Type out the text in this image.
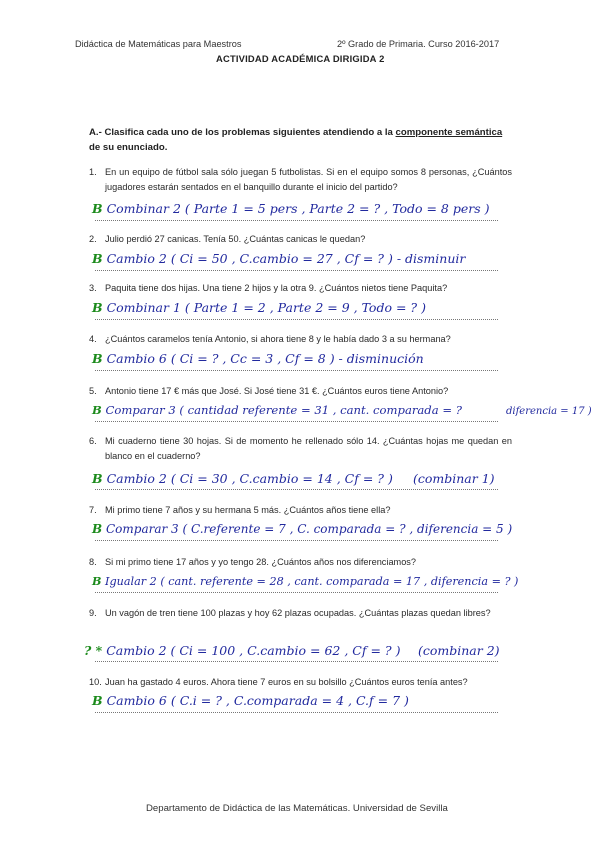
Didáctica de Matemáticas para Maestros	2º Grado de Primaria. Curso 2016-2017
ACTIVIDAD ACADÉMICA DIRIGIDA 2
A.- Clasifica cada uno de los problemas siguientes atendiendo a la componente semántica de su enunciado.
1. En un equipo de fútbol sala sólo juegan 5 futbolistas. Si en el equipo somos 8 personas, ¿Cuántos jugadores estarán sentados en el banquillo durante el inicio del partido?
B Combinar 2 ( Parte 1 = 5 pers , Parte 2 = ? , Todo = 8 pers )
2. Julio perdió 27 canicas. Tenía 50. ¿Cuántas canicas le quedan?
B Cambio 2 ( Ci = 50 , C.cambio = 27 , Cf = ? ) - disminuir
3. Paquita tiene dos hijas. Una tiene 2 hijos y la otra 9. ¿Cuántos nietos tiene Paquita?
B Combinar 1 ( Parte 1 = 2 , Parte 2 = 9 , Todo = ? )
4. ¿Cuántos caramelos tenía Antonio, si ahora tiene 8 y le había dado 3 a su hermana?
B Cambio 6 ( Ci = ? , Cc = 3 , Cf = 8 ) - disminución
5. Antonio tiene 17 € más que José. Si José tiene 31 €. ¿Cuántos euros tiene Antonio?
B Comparar 3 ( cantidad referente = 31 , cant. comparada = ?	diferencia = 17 )
6. Mi cuaderno tiene 30 hojas. Si de momento he rellenado sólo 14. ¿Cuántas hojas me quedan en blanco en el cuaderno?
B Cambio 2 ( Ci = 30 , C.cambio = 14 , Cf = ? ) (combinar 1)
7. Mi primo tiene 7 años y su hermana 5 más. ¿Cuántos años tiene ella?
B Comparar 3 ( C.referente = 7 , C. comparada = ? , diferencia = 5 )
8. Si mi primo tiene 17 años y yo tengo 28. ¿Cuántos años nos diferenciamos?
B Igualar 2 ( cant. referente = 28 , cant. comparada = 17 , diferencia = ? )
9. Un vagón de tren tiene 100 plazas y hoy 62 plazas ocupadas. ¿Cuántas plazas quedan libres?
? * Cambio 2 ( Ci = 100 , C.cambio = 62 , Cf = ? ) (combinar 2)
10. Juan ha gastado 4 euros. Ahora tiene 7 euros en su bolsillo ¿Cuántos euros tenía antes?
B Cambio 6 ( C.i = ? , C.comparada = 4 , C.f = 7 )
Departamento de Didáctica de las Matemáticas. Universidad de Sevilla
